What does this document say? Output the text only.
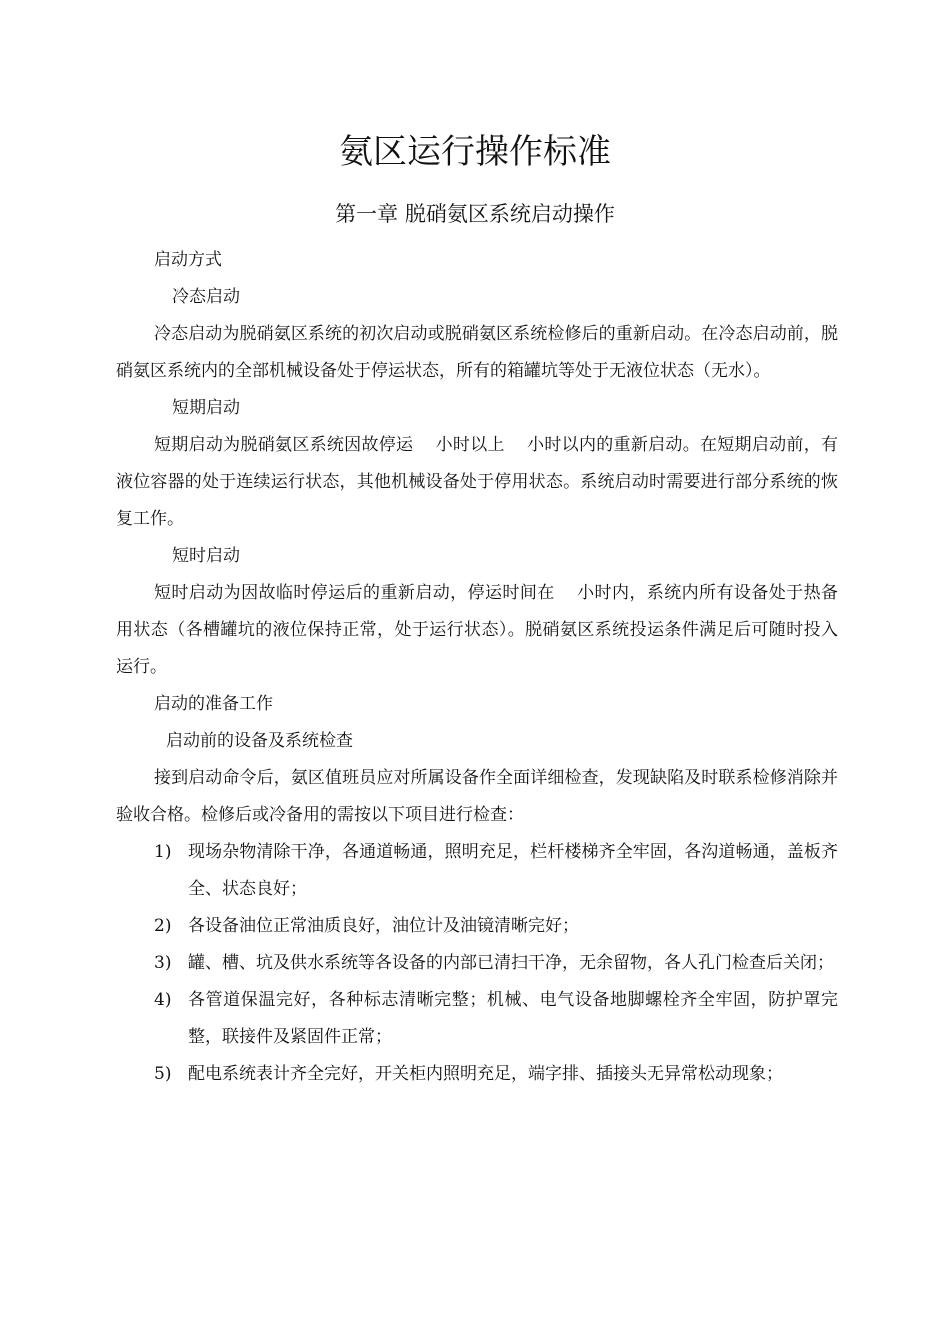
氨区运行操作标准
第一章 脱硝氨区系统启动操作

启动方式

冷态启动

冷态启动为脱硝氨区系统的初次启动或脱硝氨区系统检修后的重新启动。在冷态启动前，脱硝氨区系统内的全部机械设备处于停运状态，所有的箱罐坑等处于无液位状态（无水）。

短期启动

短期启动为脱硝氨区系统因故停运 小时以上 小时以内的重新启动。在短期启动前，有液位容器的处于连续运行状态，其他机械设备处于停用状态。系统启动时需要进行部分系统的恢复工作。

短时启动

短时启动为因故临时停运后的重新启动，停运时间在 小时内，系统内所有设备处于热备用状态（各槽罐坑的液位保持正常，处于运行状态）。脱硝氨区系统投运条件满足后可随时投入运行。

启动的准备工作

启动前的设备及系统检查

接到启动命令后，氨区值班员应对所属设备作全面详细检查，发现缺陷及时联系检修消除并验收合格。检修后或冷备用的需按以下项目进行检查：

1) 现场杂物清除干净，各通道畅通，照明充足，栏杆楼梯齐全牢固，各沟道畅通，盖板齐全、状态良好；
2) 各设备油位正常油质良好，油位计及油镜清晰完好；
3) 罐、槽、坑及供水系统等各设备的内部已清扫干净，无余留物，各人孔门检查后关闭；
4) 各管道保温完好，各种标志清晰完整；机械、电气设备地脚螺栓齐全牢固，防护罩完整，联接件及紧固件正常；
5) 配电系统表计齐全完好，开关柜内照明充足，端字排、插接头无异常松动现象；
